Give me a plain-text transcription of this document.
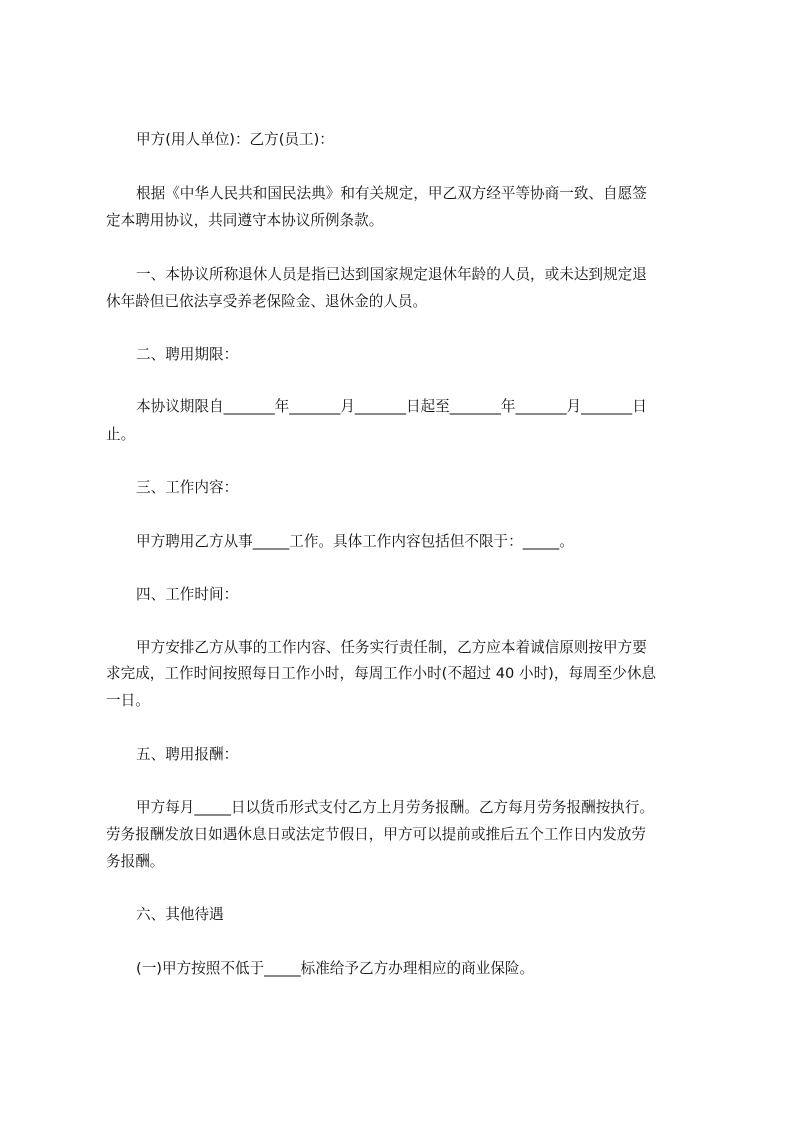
甲方(用人单位)：乙方(员工)：
根据《中华人民共和国民法典》和有关规定，甲乙双方经平等协商一致、自愿签
定本聘用协议，共同遵守本协议所例条款。
一、本协议所称退休人员是指已达到国家规定退休年龄的人员，或未达到规定退
休年龄但已依法享受养老保险金、退休金的人员。
二、聘用期限：
本协议期限自_______年_______月_______日起至_______年_______月_______日
止。
三、工作内容：
甲方聘用乙方从事_____工作。具体工作内容包括但不限于：_____。
四、工作时间：
甲方安排乙方从事的工作内容、任务实行责任制，乙方应本着诚信原则按甲方要
求完成，工作时间按照每日工作小时，每周工作小时(不超过 40 小时)，每周至少休息
一日。
五、聘用报酬：
甲方每月_____日以货币形式支付乙方上月劳务报酬。乙方每月劳务报酬按执行。
劳务报酬发放日如遇休息日或法定节假日，甲方可以提前或推后五个工作日内发放劳
务报酬。
六、其他待遇
(一)甲方按照不低于_____标准给予乙方办理相应的商业保险。
